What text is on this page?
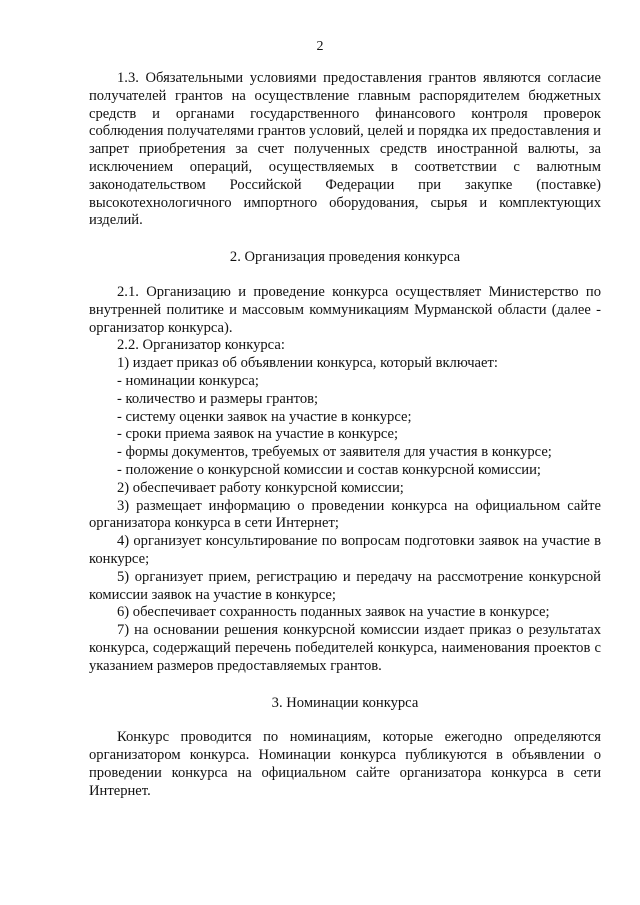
2

1.3. Обязательными условиями предоставления грантов являются согласие получателей грантов на осуществление главным распорядителем бюджетных средств и органами государственного финансового контроля проверок соблюдения получателями грантов условий, целей и порядка их предоставления и запрет приобретения за счет полученных средств иностранной валюты, за исключением операций, осуществляемых в соответствии с валютным законодательством Российской Федерации при закупке (поставке) высокотехнологичного импортного оборудования, сырья и комплектующих изделий.

2. Организация проведения конкурса

2.1. Организацию и проведение конкурса осуществляет Министерство по внутренней политике и массовым коммуникациям Мурманской области (далее - организатор конкурса).

2.2. Организатор конкурса:
1) издает приказ об объявлении конкурса, который включает:
- номинации конкурса;
- количество и размеры грантов;
- систему оценки заявок на участие в конкурсе;
- сроки приема заявок на участие в конкурсе;
- формы документов, требуемых от заявителя для участия в конкурсе;
- положение о конкурсной комиссии и состав конкурсной комиссии;
2) обеспечивает работу конкурсной комиссии;

3) размещает информацию о проведении конкурса на официальном сайте организатора конкурса в сети Интернет;

4) организует консультирование по вопросам подготовки заявок на участие в конкурсе;

5) организует прием, регистрацию и передачу на рассмотрение конкурсной комиссии заявок на участие в конкурсе;

6) обеспечивает сохранность поданных заявок на участие в конкурсе;

7) на основании решения конкурсной комиссии издает приказ о результатах конкурса, содержащий перечень победителей конкурса, наименования проектов с указанием размеров предоставляемых грантов.

3. Номинации конкурса

Конкурс проводится по номинациям, которые ежегодно определяются организатором конкурса. Номинации конкурса публикуются в объявлении о проведении конкурса на официальном сайте организатора конкурса в сети Интернет.
